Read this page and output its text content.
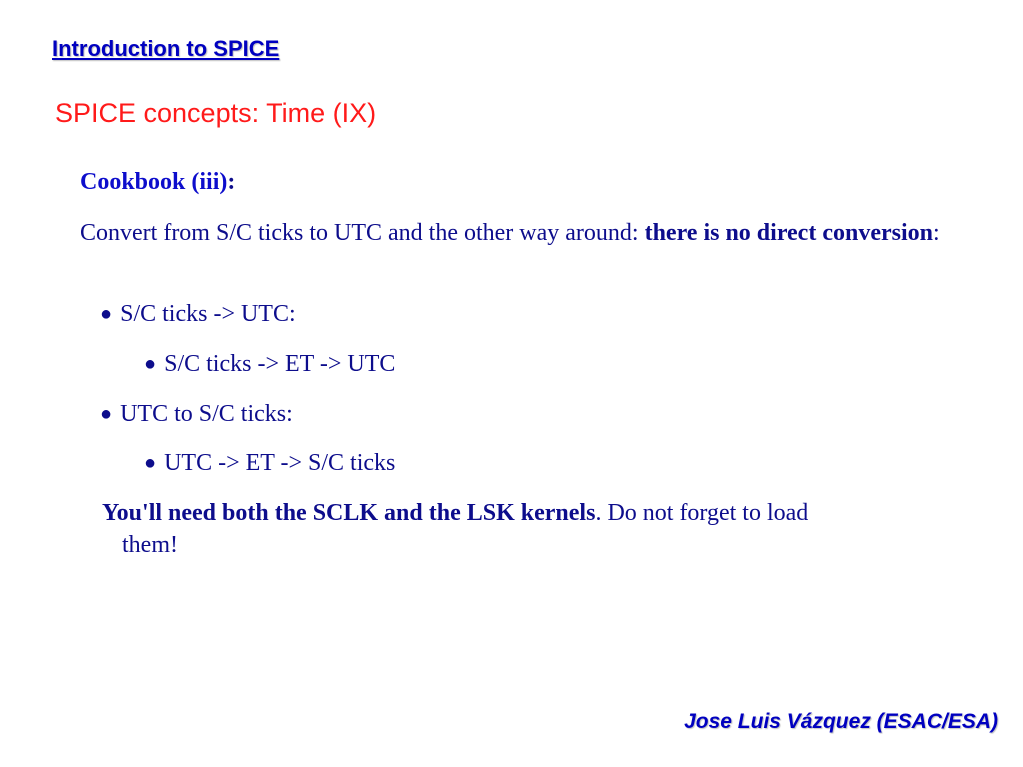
Introduction to SPICE
SPICE concepts: Time (IX)
Cookbook (iii):
Convert from S/C ticks to UTC and the other way around: there is no direct conversion:
● S/C ticks -> UTC:
● S/C ticks -> ET -> UTC
● UTC to S/C ticks:
● UTC -> ET -> S/C ticks
You'll need both the SCLK and the LSK kernels. Do not forget to load
them!
Jose Luis Vázquez (ESAC/ESA)
